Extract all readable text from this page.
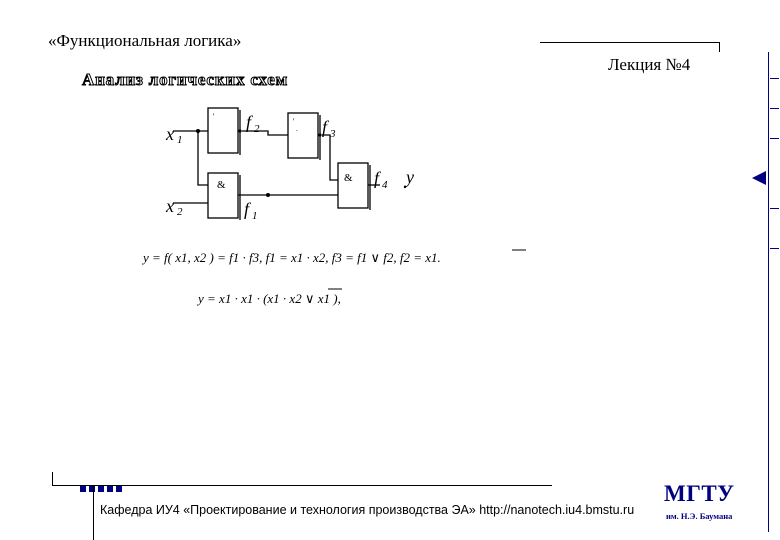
«Функциональная логика»
Лекция №4
Анализ логических схем
'
'
.
&
&
x 1
x 2
f 2	f 3
f 4
f 1
y
y = f( x1, x2 ) = f1 · f3, f1 = x1 · x2, f3 = f1 ∨ f2, f2 = x1.
y = x1 · x1 · (x1 · x2 ∨ x1 ),
Кафедра ИУ4 «Проектирование и технология производства ЭА» http://nanotech.iu4.bmstu.ru
МГТУ
им. Н.Э. Баумана
